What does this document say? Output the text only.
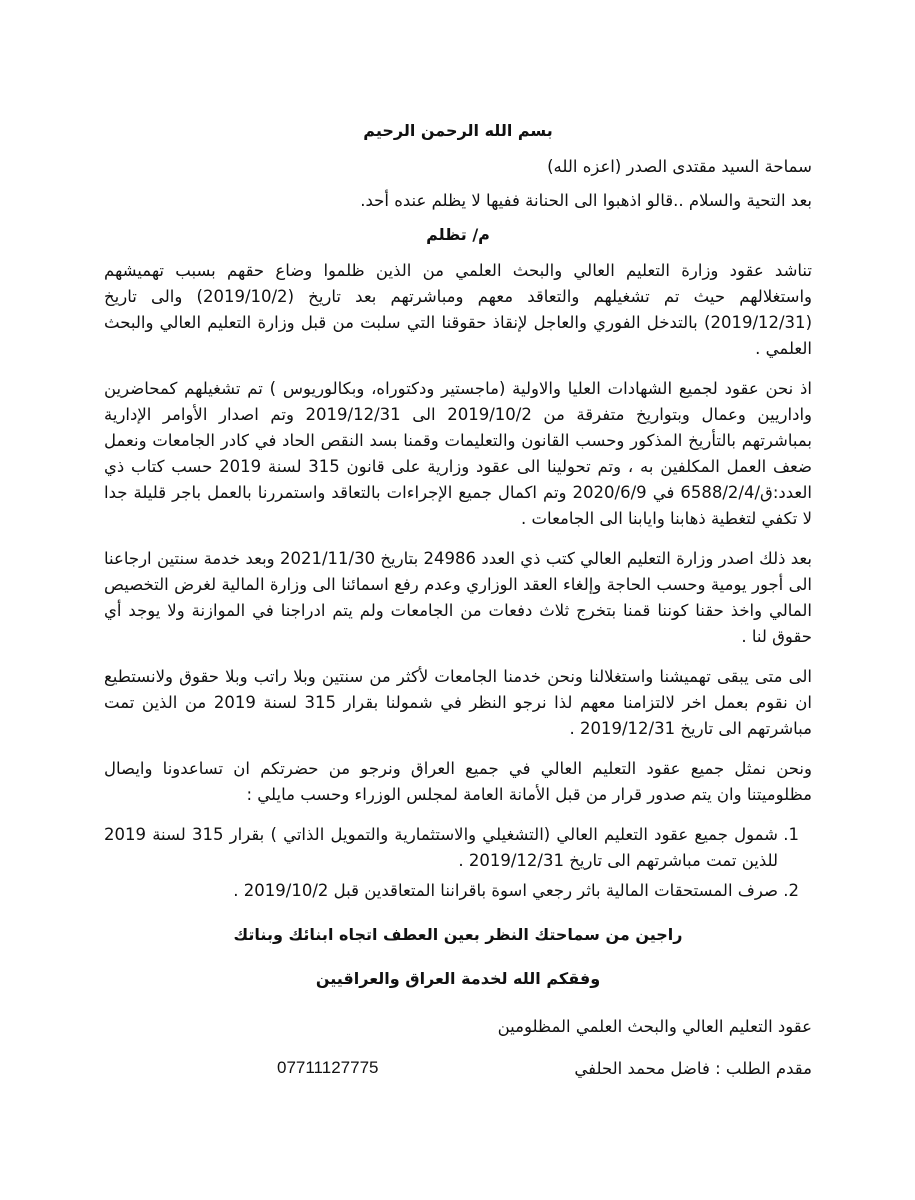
بسم الله الرحمن الرحيم
سماحة السيد مقتدى الصدر (اعزه الله)
بعد التحية والسلام ..قالو اذهبوا الى الحنانة ففيها لا يظلم عنده أحد.
م/ تظلم

تناشد عقود وزارة التعليم العالي والبحث العلمي من الذين ظلموا وضاع حقهم بسبب تهميشهم واستغلالهم حيث تم تشغيلهم والتعاقد معهم ومباشرتهم بعد تاريخ (2019/10/2) والى تاريخ (2019/12/31) بالتدخل الفوري والعاجل لإنقاذ حقوقنا التي سلبت من قبل وزارة التعليم العالي والبحث العلمي .

اذ نحن عقود لجميع الشهادات العليا والاولية (ماجستير ودكتوراه، وبكالوريوس ) تم تشغيلهم كمحاضرين واداريين وعمال وبتواريخ متفرقة من 2019/10/2 الى 2019/12/31 وتم اصدار الأوامر الإدارية بمباشرتهم بالتأريخ المذكور وحسب القانون والتعليمات وقمنا بسد النقص الحاد في كادر الجامعات ونعمل ضعف العمل المكلفين به ، وتم تحولينا الى عقود وزارية على قانون 315 لسنة 2019 حسب كتاب ذي العدد:ق/6588/2/4 في 2020/6/9 وتم اكمال جميع الإجراءات بالتعاقد واستمررنا بالعمل باجر قليلة جدا لا تكفي لتغطية ذهابنا وايابنا الى الجامعات .

بعد ذلك اصدر وزارة التعليم العالي كتب ذي العدد 24986 بتاريخ 2021/11/30 وبعد خدمة سنتين ارجاعنا الى أجور يومية وحسب الحاجة وإلغاء العقد الوزاري وعدم رفع اسمائنا الى وزارة المالية لغرض التخصيص المالي واخذ حقنا كوننا قمنا بتخرج ثلاث دفعات من الجامعات ولم يتم ادراجنا في الموازنة ولا يوجد أي حقوق لنا .

الى متى يبقى تهميشنا واستغلالنا ونحن خدمنا الجامعات لأكثر من سنتين وبلا راتب وبلا حقوق ولانستطيع ان نقوم بعمل اخر لالتزامنا معهم لذا نرجو النظر في شمولنا بقرار 315 لسنة 2019 من الذين تمت مباشرتهم الى تاريخ 2019/12/31 .

ونحن نمثل جميع عقود التعليم العالي في جميع العراق ونرجو من حضرتكم ان تساعدونا وايصال مظلوميتنا وان يتم صدور قرار من قبل الأمانة العامة لمجلس الوزراء وحسب مايلي :

1. شمول جميع عقود التعليم العالي (التشغيلي والاستثمارية والتمويل الذاتي ) بقرار 315 لسنة 2019 للذين تمت مباشرتهم الى تاريخ 2019/12/31 .
2. صرف المستحقات المالية باثر رجعي اسوة باقراننا المتعاقدين قبل 2019/10/2 .
راجين من سماحتك النظر بعين العطف اتجاه ابنائك وبناتك
وفقكم الله لخدمة العراق والعراقيين
عقود التعليم العالي والبحث العلمي المظلومين
مقدم الطلب : فاضل محمد الحلفي
07711127775
